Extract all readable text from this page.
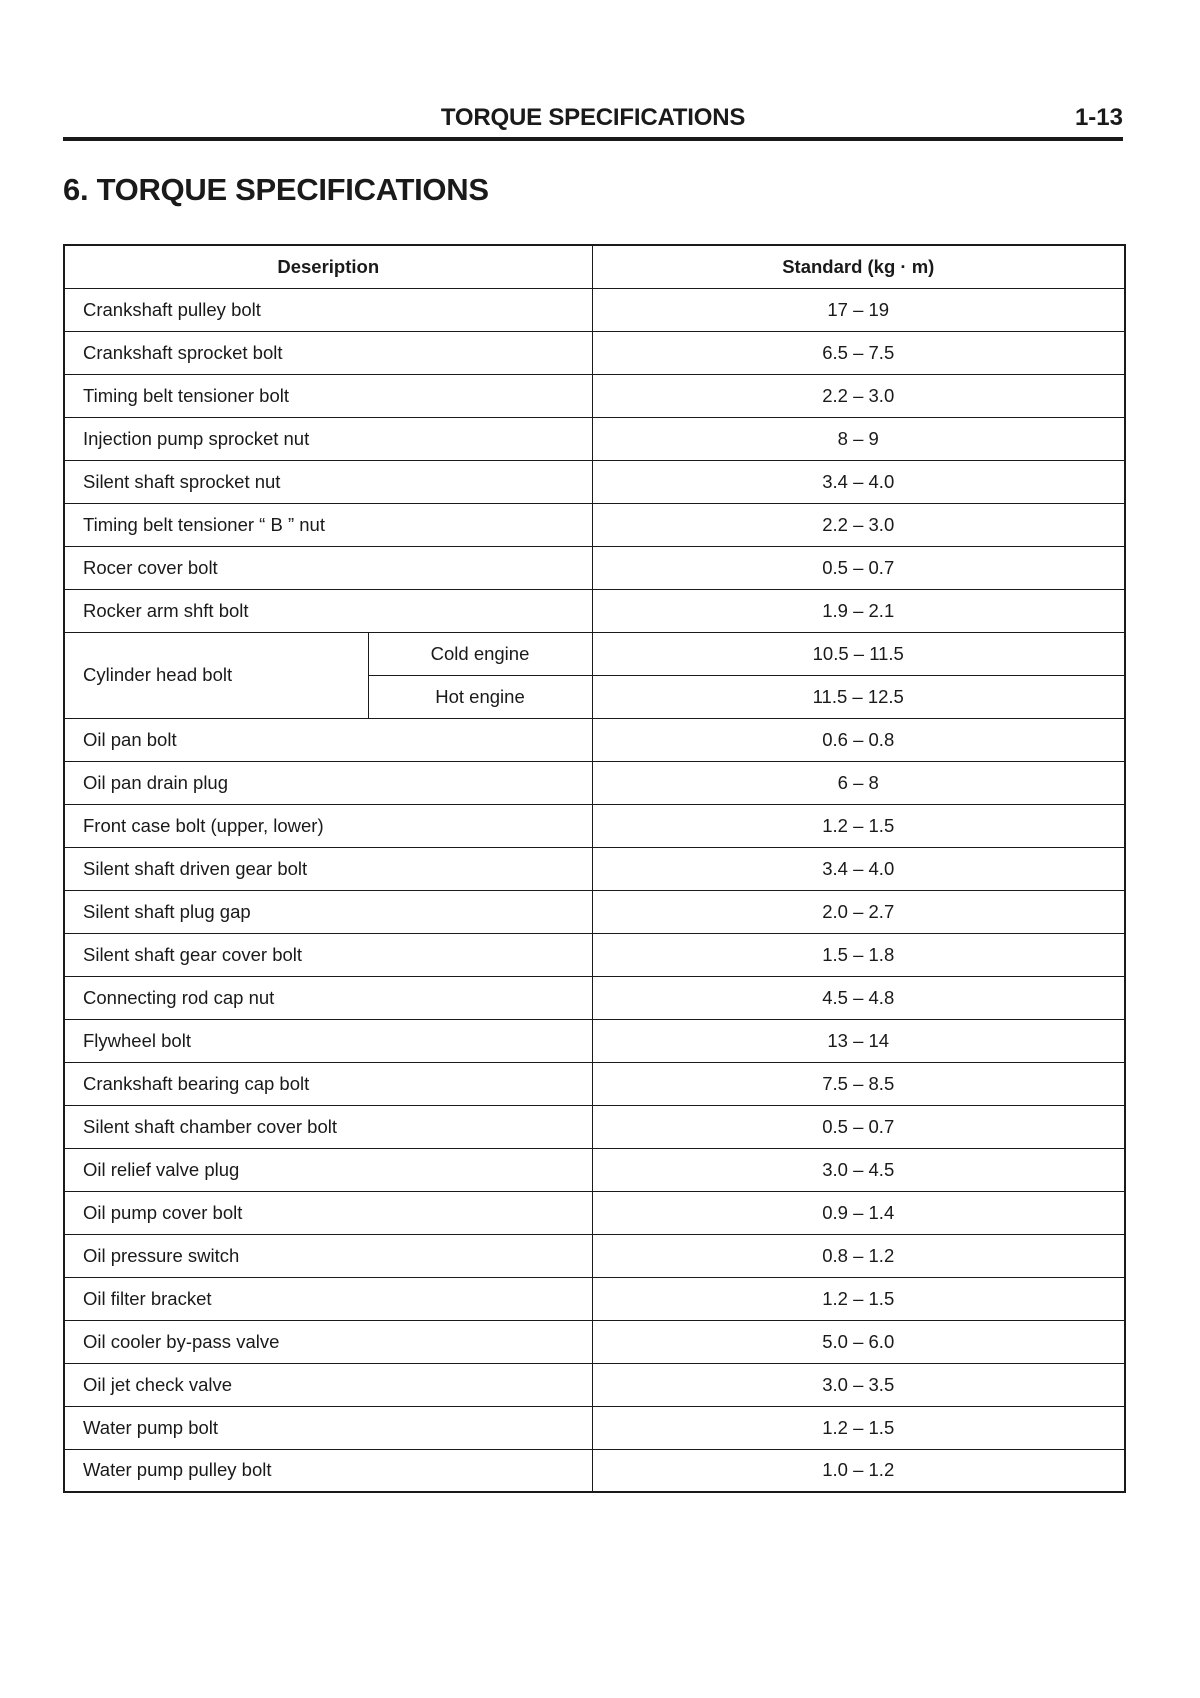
TORQUE SPECIFICATIONS	1-13
6. TORQUE SPECIFICATIONS
Deseription		Standard (kg · m)
Crankshaft pulley bolt		17 – 19
Crankshaft sprocket bolt		6.5 – 7.5
Timing belt tensioner bolt		2.2 – 3.0
Injection pump sprocket nut		8 – 9
Silent shaft sprocket nut		3.4 – 4.0
Timing belt tensioner “ B ” nut		2.2 – 3.0
Rocer cover bolt		0.5 – 0.7
Rocker arm shft bolt		1.9 – 2.1
Cylinder head bolt	Cold engine	10.5 – 11.5
	Hot engine	11.5 – 12.5
Oil pan bolt		0.6 – 0.8
Oil pan drain plug		6 – 8
Front case bolt (upper, lower)		1.2 – 1.5
Silent shaft driven gear bolt		3.4 – 4.0
Silent shaft plug gap		2.0 – 2.7
Silent shaft gear cover bolt		1.5 – 1.8
Connecting rod cap nut		4.5 – 4.8
Flywheel bolt		13 – 14
Crankshaft bearing cap bolt		7.5 – 8.5
Silent shaft chamber cover bolt		0.5 – 0.7
Oil relief valve plug		3.0 – 4.5
Oil pump cover bolt		0.9 – 1.4
Oil pressure switch		0.8 – 1.2
Oil filter bracket		1.2 – 1.5
Oil cooler by-pass valve		5.0 – 6.0
Oil jet check valve		3.0 – 3.5
Water pump bolt		1.2 – 1.5
Water pump pulley bolt		1.0 – 1.2
